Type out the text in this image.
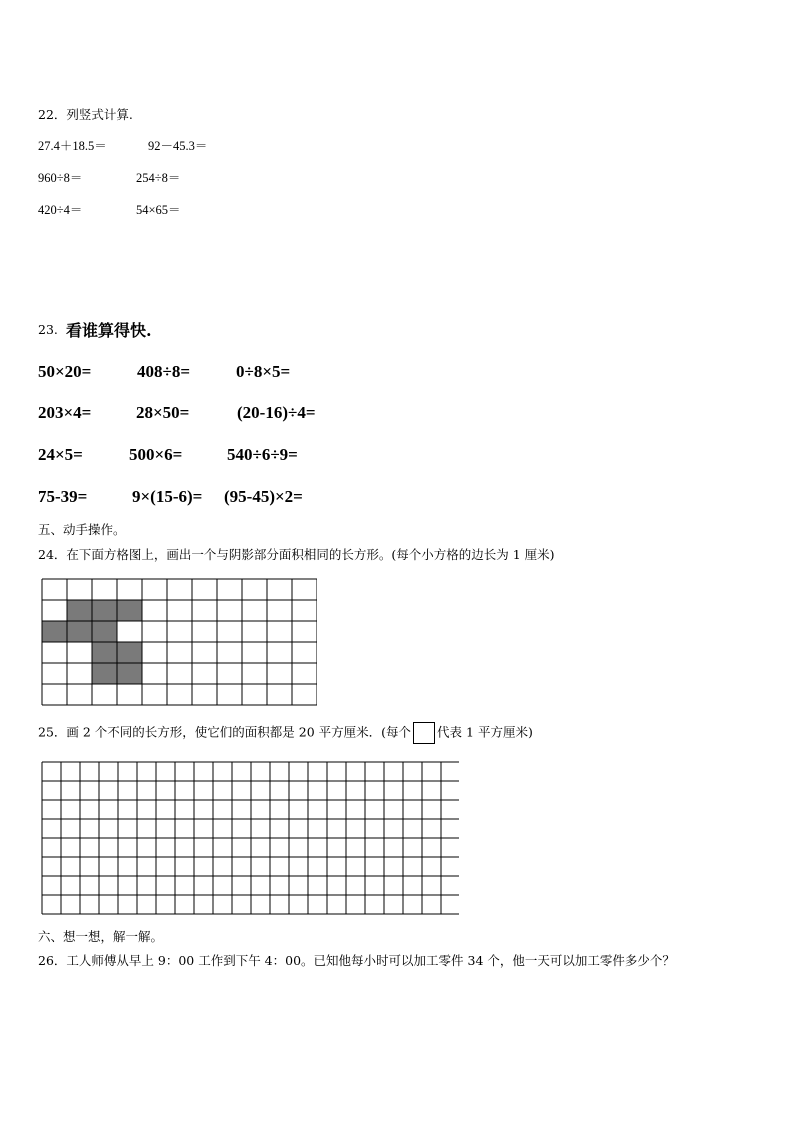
22．列竖式计算.
27.4＋18.5＝	92－45.3＝
960÷8＝	254÷8＝
420÷4＝	54×65＝
23. 看谁算得快.
50×20=	408÷8=	0÷8×5=
203×4=	28×50=	(20-16)÷4=
24×5=	500×6=	540÷6÷9=
75-39=	9×(15-6)= (95-45)×2=
五、动手操作。
24．在下面方格图上，画出一个与阴影部分面积相同的长方形。(每个小方格的边长为 1 厘米)
25．画 2 个不同的长方形，使它们的面积都是 20 平方厘米．(每个 代表 1 平方厘米)
六、想一想，解一解。
26．工人师傅从早上 9：00 工作到下午 4：00。已知他每小时可以加工零件 34 个，他一天可以加工零件多少个？
